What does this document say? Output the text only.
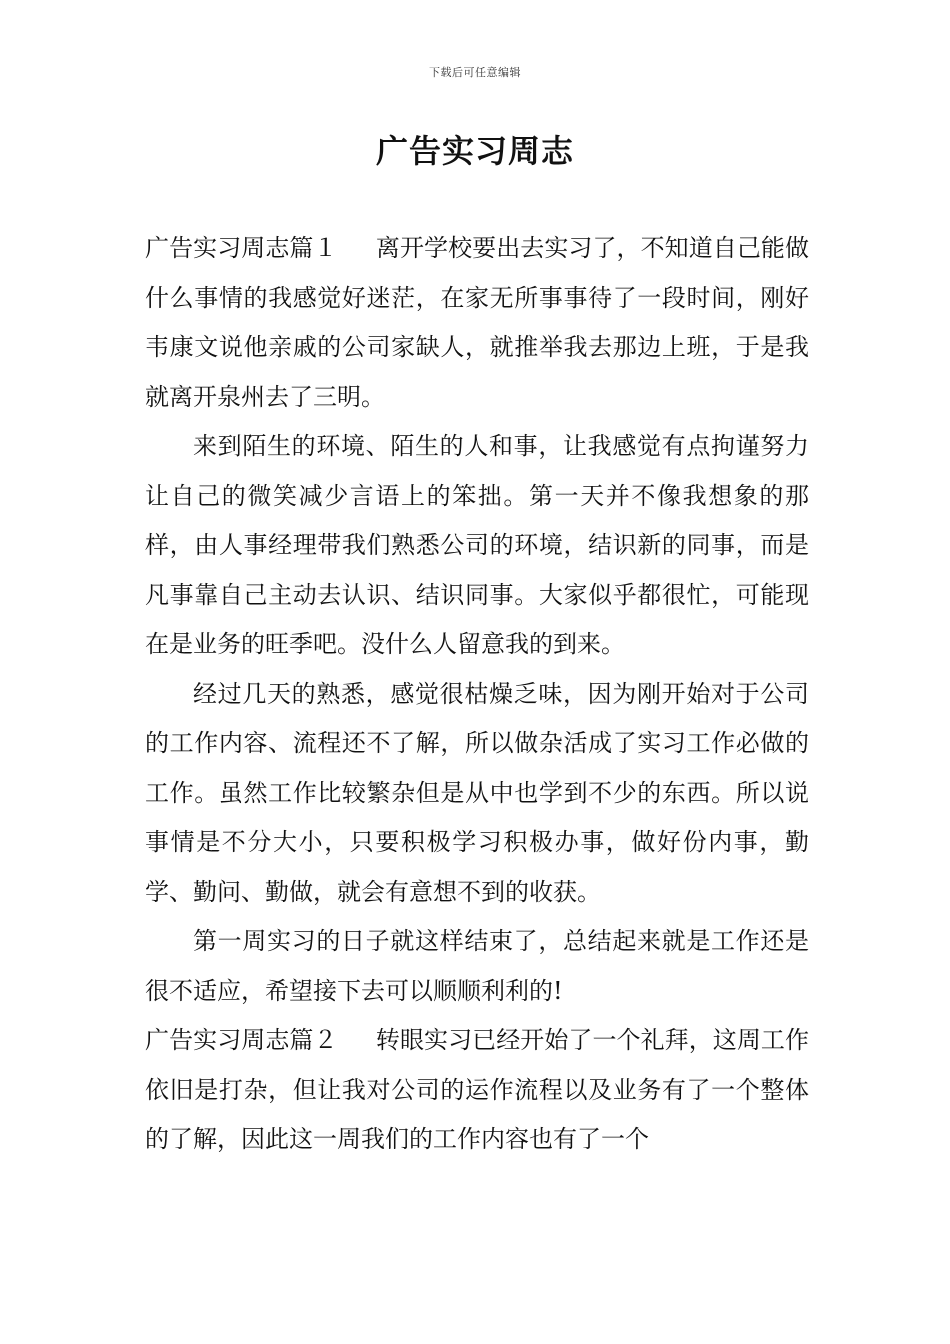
下载后可任意编辑
广告实习周志

广告实习周志篇１ 离开学校要出去实习了，不知道自己能做什么事情的我感觉好迷茫，在家无所事事待了一段时间，刚好韦康文说他亲戚的公司家缺人，就推举我去那边上班，于是我就离开泉州去了三明。

来到陌生的环境、陌生的人和事，让我感觉有点拘谨努力让自己的微笑减少言语上的笨拙。第一天并不像我想象的那样，由人事经理带我们熟悉公司的环境，结识新的同事，而是凡事靠自己主动去认识、结识同事。大家似乎都很忙，可能现在是业务的旺季吧。没什么人留意我的到来。

经过几天的熟悉，感觉很枯燥乏味，因为刚开始对于公司的工作内容、流程还不了解，所以做杂活成了实习工作必做的工作。虽然工作比较繁杂但是从中也学到不少的东西。所以说事情是不分大小，只要积极学习积极办事，做好份内事，勤学、勤问、勤做，就会有意想不到的收获。

第一周实习的日子就这样结束了，总结起来就是工作还是很不适应，希望接下去可以顺顺利利的!

广告实习周志篇２ 转眼实习已经开始了一个礼拜，这周工作依旧是打杂，但让我对公司的运作流程以及业务有了一个整体的了解，因此这一周我们的工作内容也有了一个
